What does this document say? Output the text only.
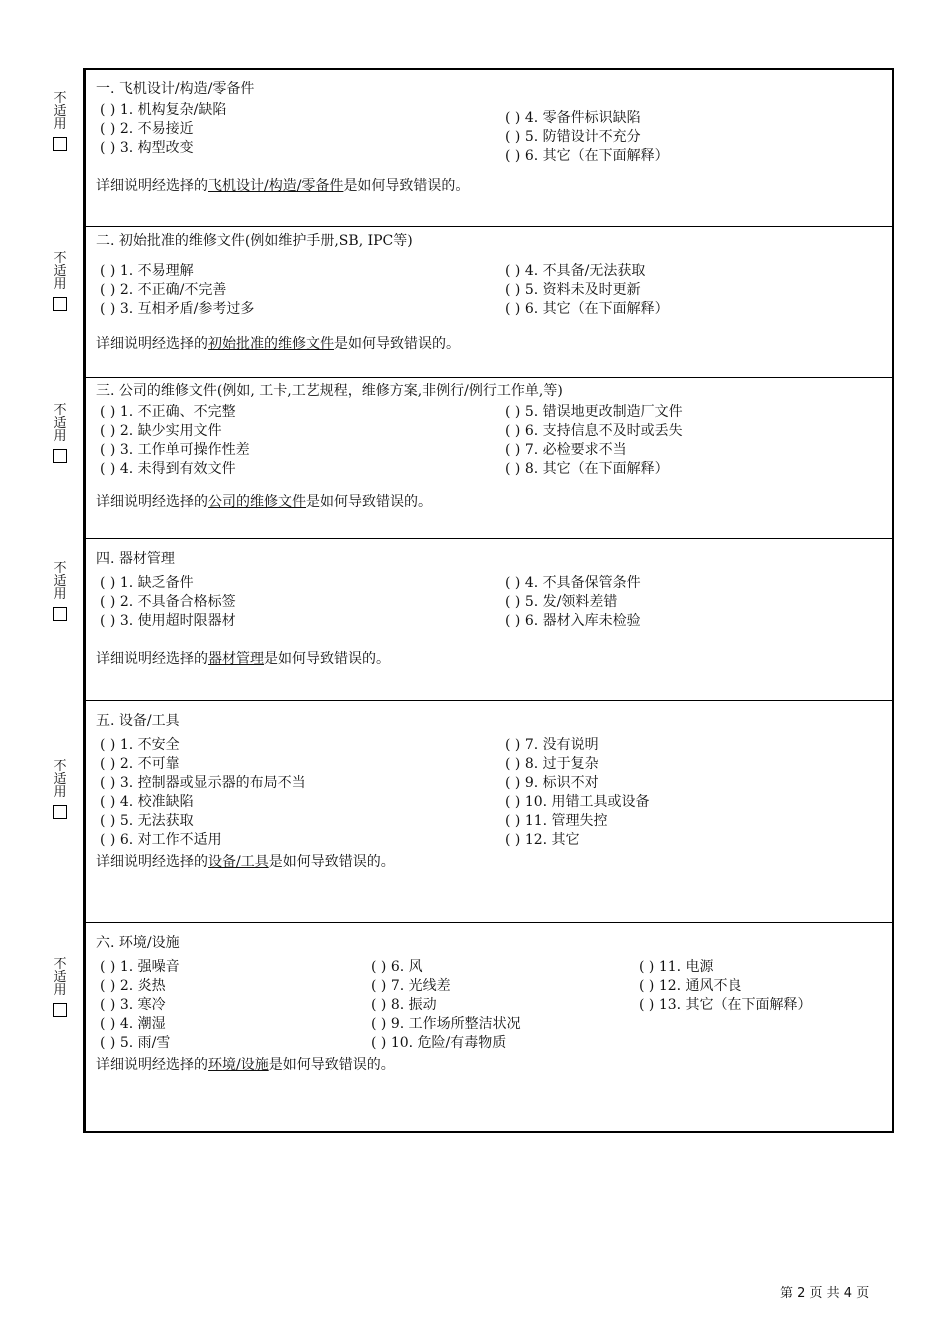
不
适
用
不
适
用
不
适
用
不
适
用
不
适
用
不
适
用
一. 飞机设计/构造/零备件
( ) 1. 机构复杂/缺陷
( ) 2. 不易接近
( ) 3. 构型改变
( ) 4. 零备件标识缺陷
( ) 5. 防错设计不充分
( ) 6. 其它（在下面解释）
详细说明经选择的飞机设计/构造/零备件是如何导致错误的。
二. 初始批准的维修文件(例如维护手册,SB, IPC等)
( ) 1. 不易理解
( ) 2. 不正确/不完善
( ) 3. 互相矛盾/参考过多
( ) 4. 不具备/无法获取
( ) 5. 资料未及时更新
( ) 6. 其它（在下面解释）
详细说明经选择的初始批准的维修文件是如何导致错误的。
三. 公司的维修文件(例如, 工卡,工艺规程，维修方案,非例行/例行工作单,等)
( ) 1. 不正确、不完整
( ) 2. 缺少实用文件
( ) 3. 工作单可操作性差
( ) 4. 未得到有效文件
( ) 5. 错误地更改制造厂文件
( ) 6. 支持信息不及时或丢失
( ) 7. 必检要求不当
( ) 8. 其它（在下面解释）
详细说明经选择的公司的维修文件是如何导致错误的。
四. 器材管理
( ) 1. 缺乏备件
( ) 2. 不具备合格标签
( ) 3. 使用超时限器材
( ) 4. 不具备保管条件
( ) 5. 发/领料差错
( ) 6. 器材入库未检验
详细说明经选择的器材管理是如何导致错误的。
五. 设备/工具
( ) 1. 不安全
( ) 2. 不可靠
( ) 3. 控制器或显示器的布局不当
( ) 4. 校准缺陷
( ) 5. 无法获取
( ) 6. 对工作不适用
( ) 7. 没有说明
( ) 8. 过于复杂
( ) 9. 标识不对
( ) 10. 用错工具或设备
( ) 11. 管理失控
( ) 12. 其它
详细说明经选择的设备/工具是如何导致错误的。
六. 环境/设施
( ) 1. 强噪音
( ) 2. 炎热
( ) 3. 寒冷
( ) 4. 潮湿
( ) 5. 雨/雪
( ) 6. 风
( ) 7. 光线差
( ) 8. 振动
( ) 9. 工作场所整洁状况
( ) 10. 危险/有毒物质
( ) 11. 电源
( ) 12. 通风不良
( ) 13. 其它（在下面解释）
详细说明经选择的环境/设施是如何导致错误的。
第 2 页 共 4 页
